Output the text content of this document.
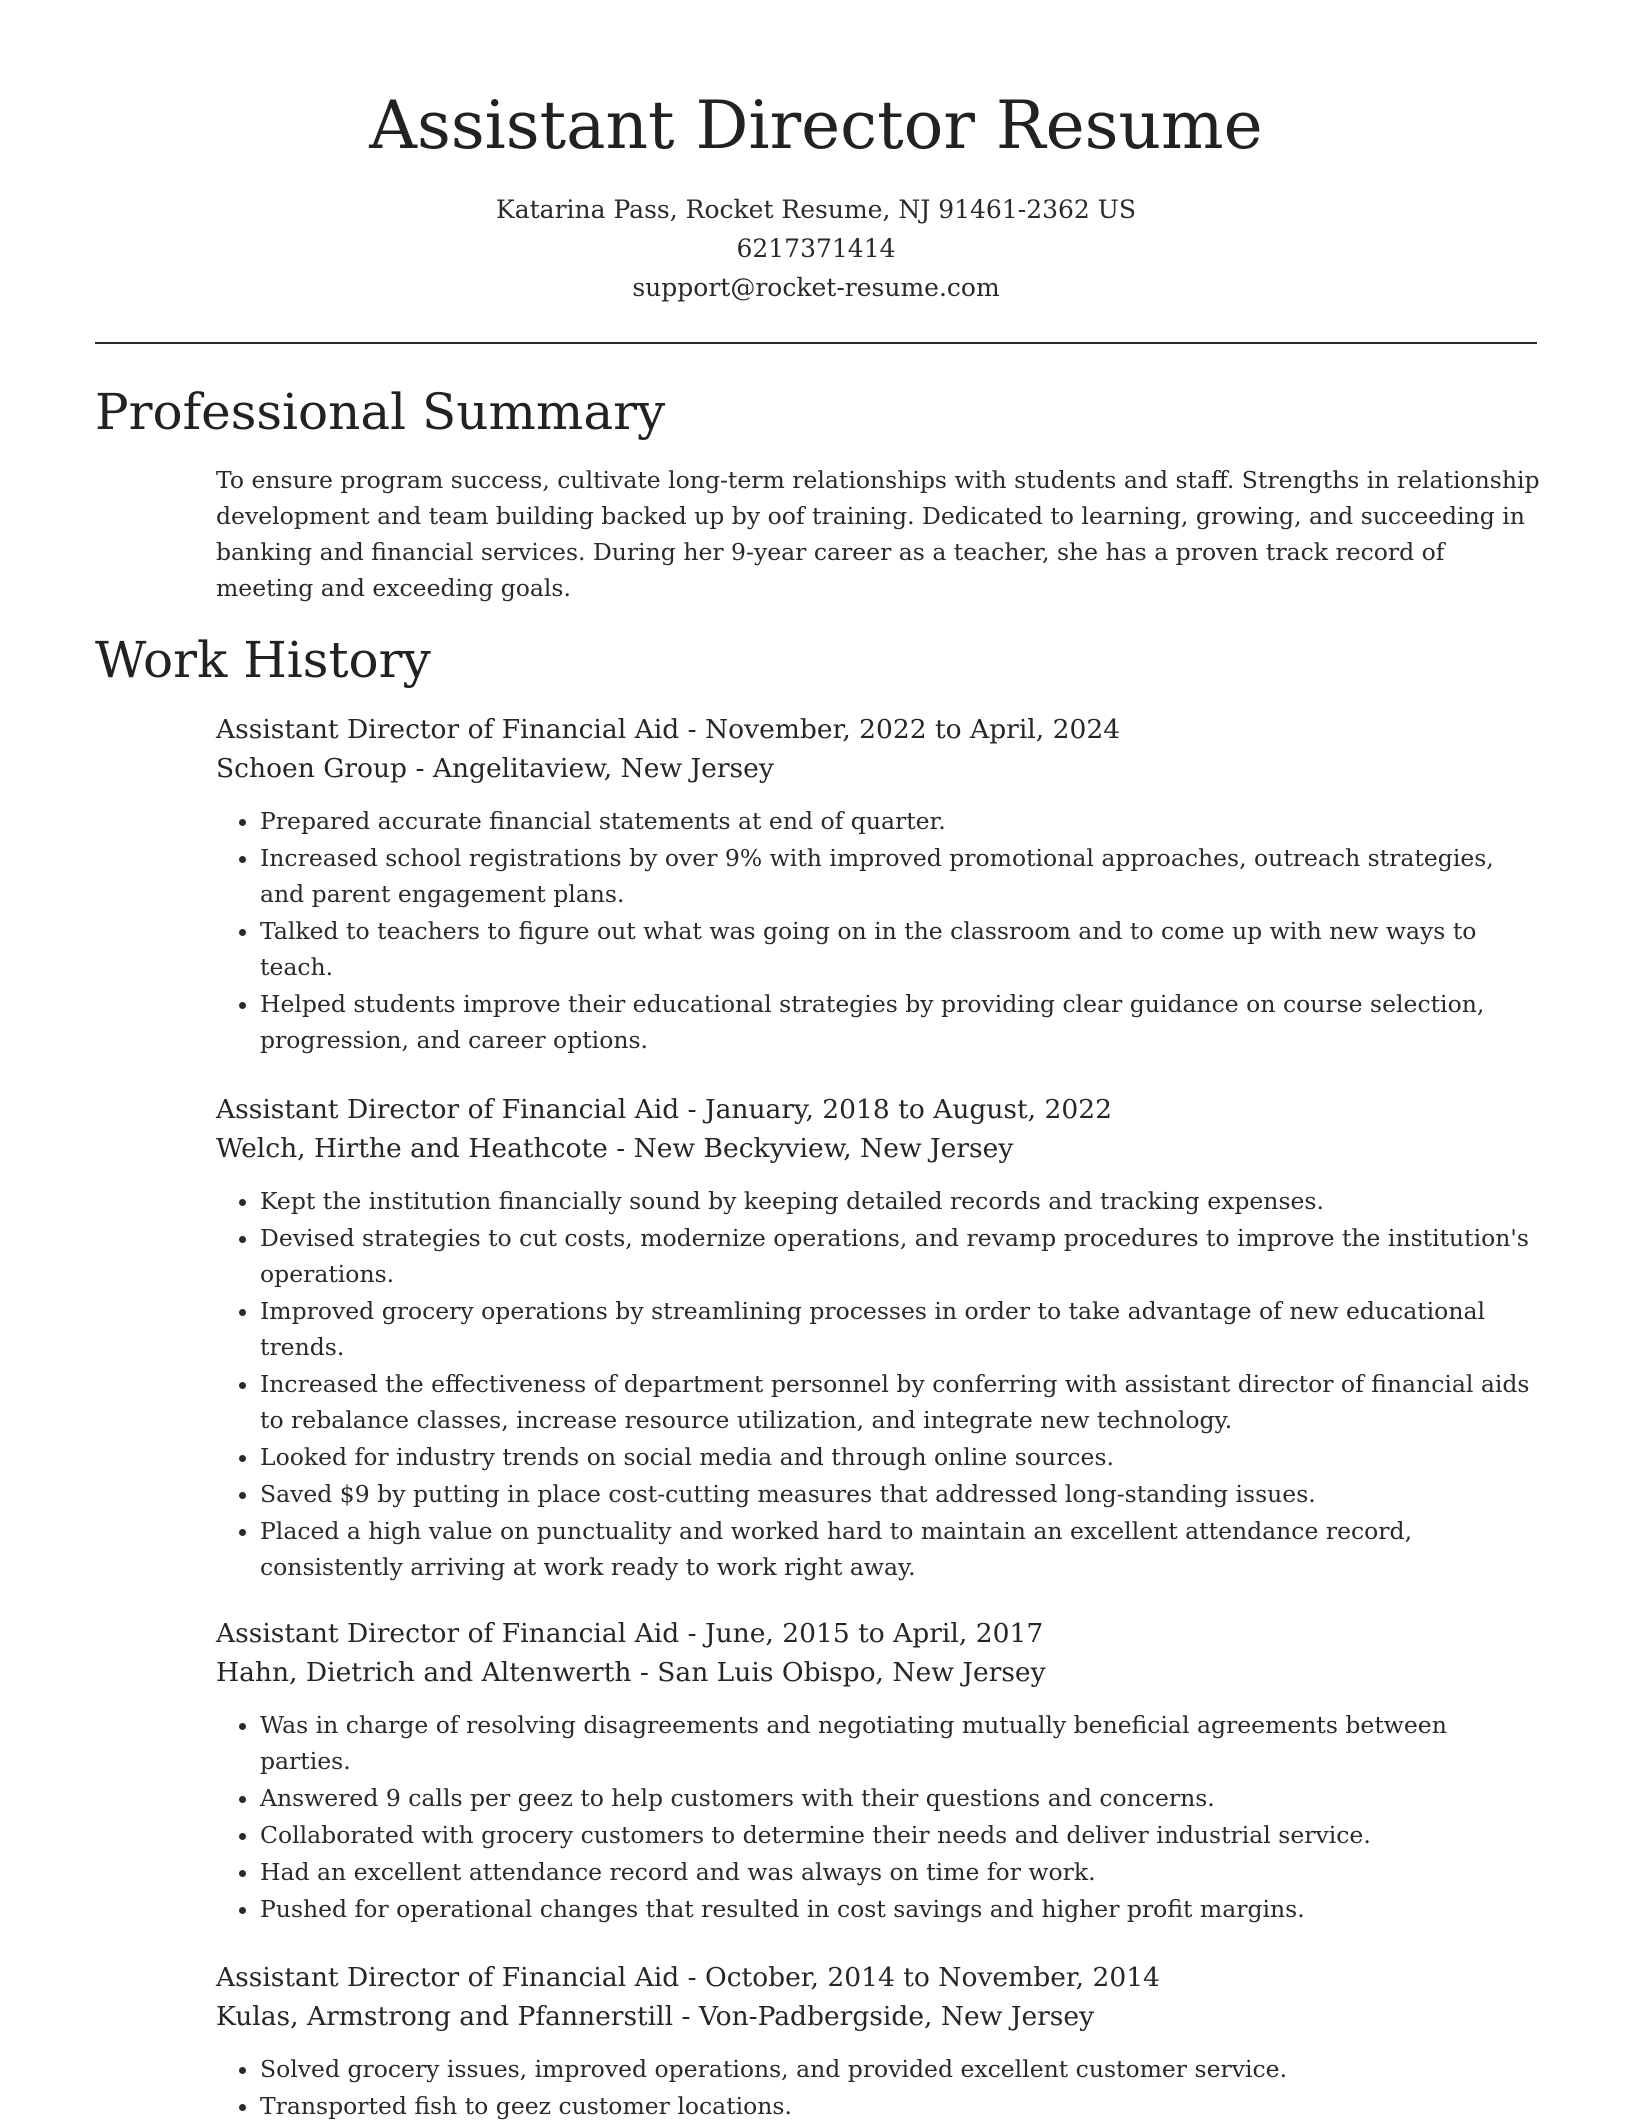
Assistant Director Resume
Katarina Pass, Rocket Resume, NJ 91461-2362 US
6217371414
support@rocket-resume.com
Professional Summary

To ensure program success, cultivate long-term relationships with students and staff. Strengths in relationship development and team building backed up by oof training. Dedicated to learning, growing, and succeeding in banking and financial services. During her 9-year career as a teacher, she has a proven track record of meeting and exceeding goals.

Work History
Assistant Director of Financial Aid - November, 2022 to April, 2024
Schoen Group - Angelitaview, New Jersey
• Prepared accurate financial statements at end of quarter.
• Increased school registrations by over 9% with improved promotional approaches, outreach strategies, and parent engagement plans.
• Talked to teachers to figure out what was going on in the classroom and to come up with new ways to teach.
• Helped students improve their educational strategies by providing clear guidance on course selection, progression, and career options.
Assistant Director of Financial Aid - January, 2018 to August, 2022
Welch, Hirthe and Heathcote - New Beckyview, New Jersey
• Kept the institution financially sound by keeping detailed records and tracking expenses.
• Devised strategies to cut costs, modernize operations, and revamp procedures to improve the institution's operations.
• Improved grocery operations by streamlining processes in order to take advantage of new educational trends.
• Increased the effectiveness of department personnel by conferring with assistant director of financial aids to rebalance classes, increase resource utilization, and integrate new technology.
• Looked for industry trends on social media and through online sources.
• Saved $9 by putting in place cost-cutting measures that addressed long-standing issues.
• Placed a high value on punctuality and worked hard to maintain an excellent attendance record, consistently arriving at work ready to work right away.
Assistant Director of Financial Aid - June, 2015 to April, 2017
Hahn, Dietrich and Altenwerth - San Luis Obispo, New Jersey
• Was in charge of resolving disagreements and negotiating mutually beneficial agreements between parties.
• Answered 9 calls per geez to help customers with their questions and concerns.
• Collaborated with grocery customers to determine their needs and deliver industrial service.
• Had an excellent attendance record and was always on time for work.
• Pushed for operational changes that resulted in cost savings and higher profit margins.
Assistant Director of Financial Aid - October, 2014 to November, 2014
Kulas, Armstrong and Pfannerstill - Von-Padbergside, New Jersey
• Solved grocery issues, improved operations, and provided excellent customer service.
• Transported fish to geez customer locations.
